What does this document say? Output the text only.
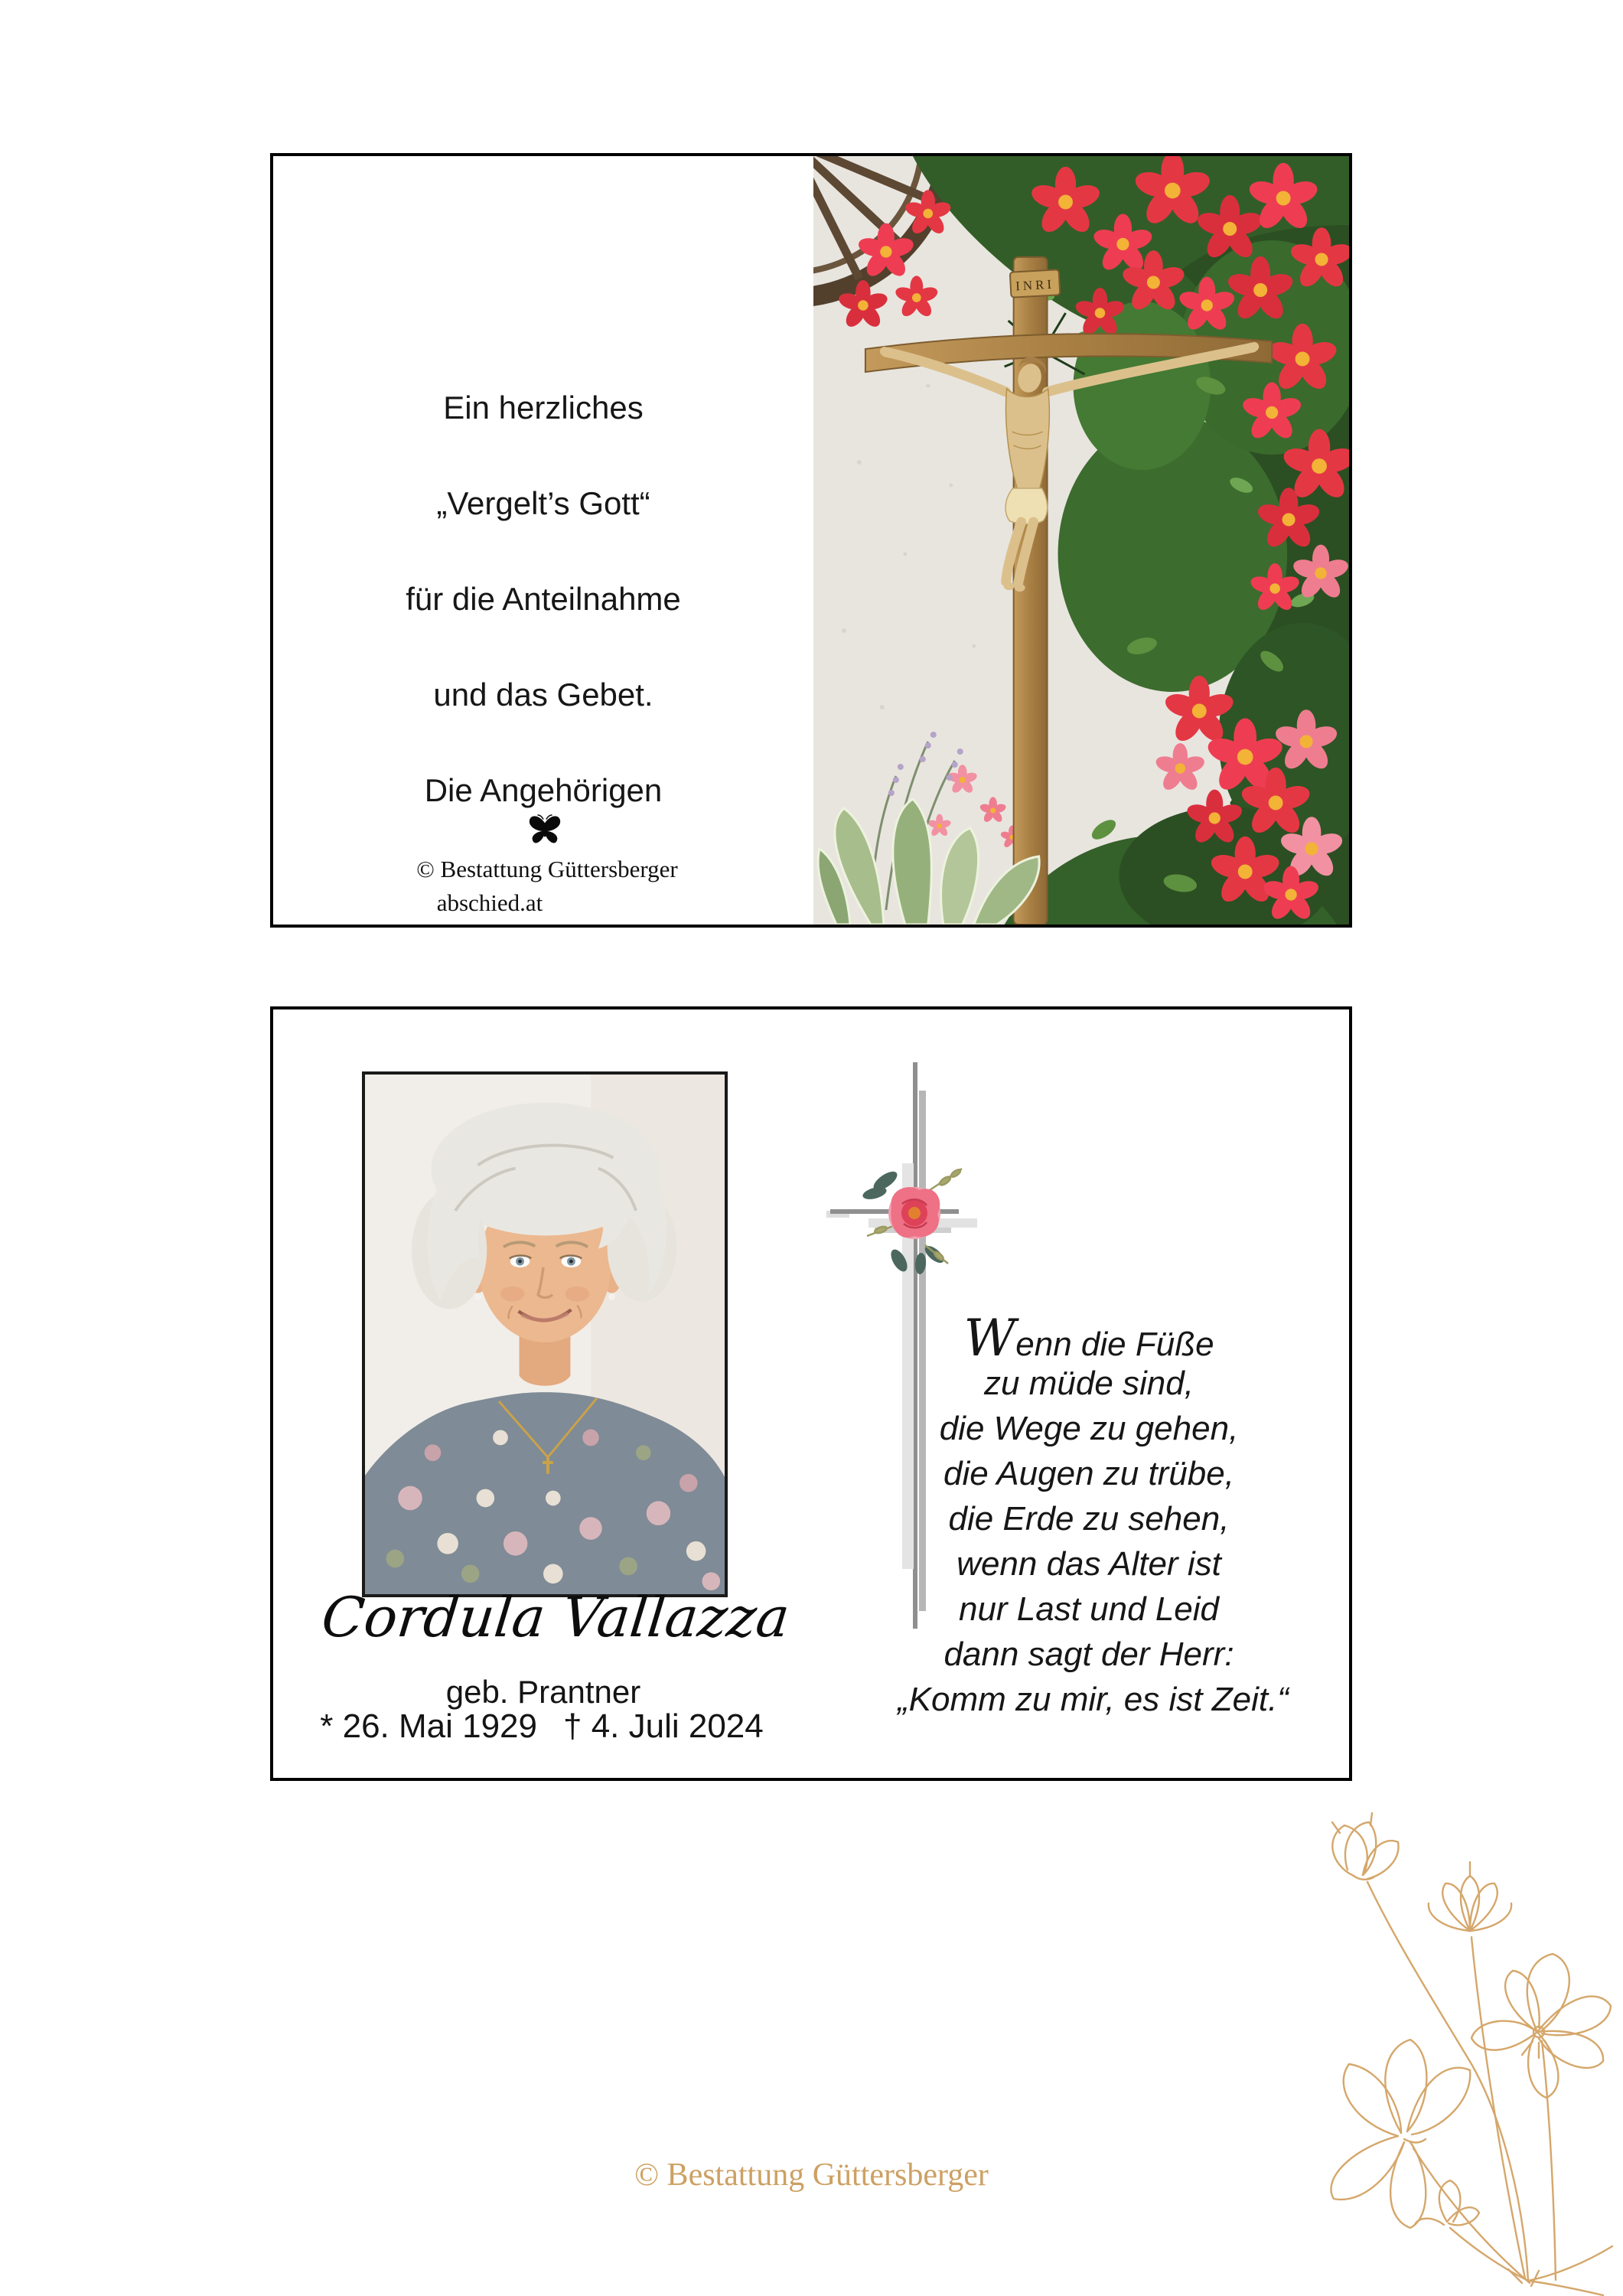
Ein herzliches
„Vergelt’s Gott“
für die Anteilnahme
und das Gebet.
Die Angehörigen
© Bestattung Güttersberger
abschied.at
INRI
Cordula Vallazza
geb. Prantner
* 26. Mai 1929 † 4. Juli 2024
Wenn die Füße
zu müde sind,
die Wege zu gehen,
die Augen zu trübe,
die Erde zu sehen,
wenn das Alter ist
nur Last und Leid
dann sagt der Herr:
„Komm zu mir, es ist Zeit.“
© Bestattung Güttersberger
